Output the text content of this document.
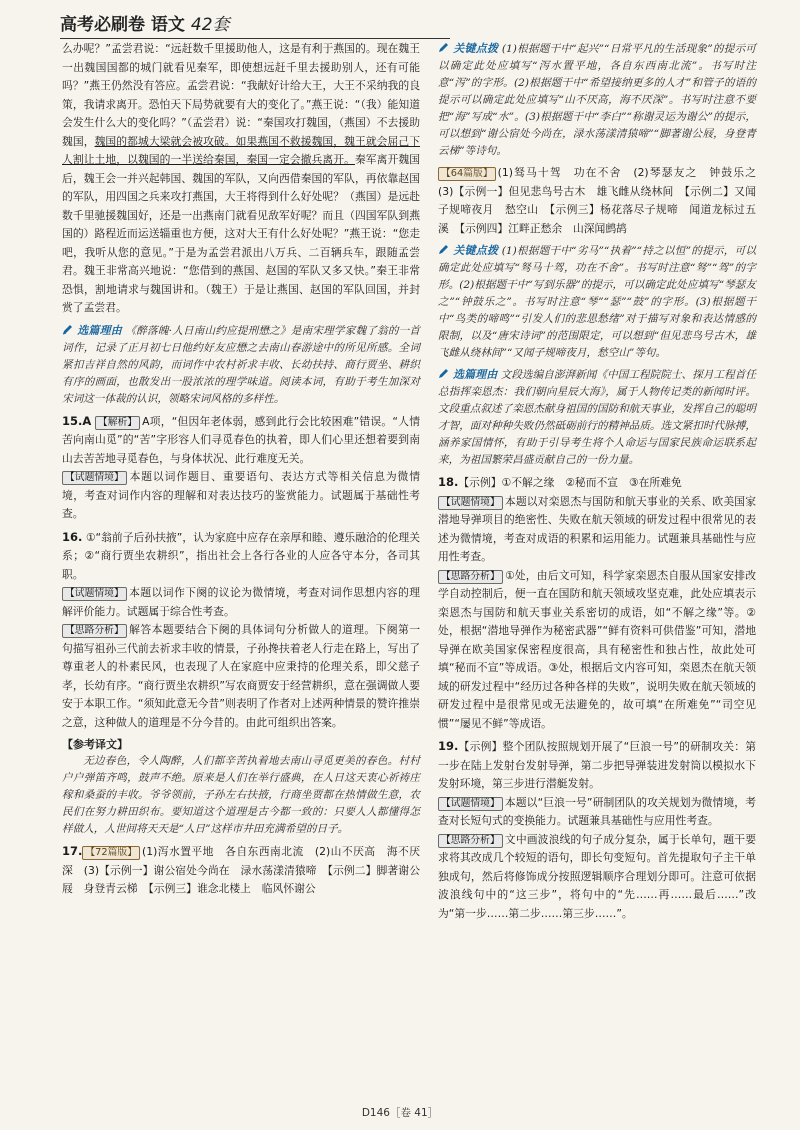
高考必刷卷 语文 42套

么办呢？”孟尝君说：“远赶数千里援助他人，这是有利于燕国的。现在魏王一出魏国国都的城门就看见秦军，即使想远赶千里去援助别人，还有可能吗？”燕王仍然没有答应。孟尝君说：“我献好计给大王，大王不采纳我的良策，我请求离开。恐怕天下局势就要有大的变化了。”燕王说：“（我）能知道会发生什么大的变化吗？”（孟尝君）说：“秦国攻打魏国，（燕国）不去援助魏国，魏国的都城大梁就会被攻破。如果燕国不救援魏国，魏王就会屈己下人割让土地，以魏国的一半送给秦国，秦国一定会撤兵离开。秦军离开魏国后，魏王会一并兴起韩国、魏国的军队，又向西借秦国的军队，再依靠赵国的军队，用四国之兵来攻打燕国，大王将得到什么好处呢？（燕国）是远赴数千里驰援魏国好，还是一出燕南门就看见敌军好呢？而且（四国军队到燕国的）路程近而运送辎重也方便，这对大王有什么好处呢？”燕王说：“您走吧，我听从您的意见。”于是为孟尝君派出八万兵、二百辆兵车，跟随孟尝君。魏王非常高兴地说：“您借到的燕国、赵国的军队又多又快。”秦王非常恐惧，割地请求与魏国讲和。（魏王）于是让燕国、赵国的军队回国，并封赏了孟尝君。

选篇理由 《醉落魄·人日南山约应提刑懋之》是南宋理学家魏了翁的一首词作，记录了正月初七日他约好友应懋之去南山春游途中的所见所感。全词紧扣吉祥自然的风韵，而词作中农村祈求丰收、长幼扶持、商行贾坐、耕织有序的画面，也散发出一股浓浓的理学味道。阅读本词，有助于考生加深对宋词这一体裁的认识，领略宋词风格的多样性。

15.A 【解析】 A项，“但因年老体弱，感到此行会比较困难”错误。“人情苦向南山觅”的“苦”字形容人们寻觅春色的执着，即人们心里还想着要到南山去苦苦地寻觅春色，与身体状况、此行难度无关。
【试题情境】 本题以词作题目、重要语句、表达方式等相关信息为微情境，考查对词作内容的理解和对表达技巧的鉴赏能力。试题属于基础性考查。

16. ①“翁前子后孙扶掖”，认为家庭中应存在亲厚和睦、遵乐融洽的伦理关系；②“商行贾坐农耕织”，指出社会上各行各业的人应各守本分，各司其职。
【试题情境】 本题以词作下阕的议论为微情境，考查对词作思想内容的理解评价能力。试题属于综合性考查。
【思路分析】 解答本题要结合下阕的具体词句分析做人的道理。下阕第一句描写祖孙三代前去祈求丰收的情景，子孙搀扶着老人行走在路上，写出了尊重老人的朴素民风，也表现了人在家庭中应秉持的伦理关系，即父慈子孝，长幼有序。“商行贾坐农耕织”写农商贾安于经营耕织，意在强调做人要安于本职工作。“须知此意无今昔”则表明了作者对上述两种情景的赞许推崇之意，这种做人的道理是不分今昔的。由此可组织出答案。

【参考译文】

无边春色，令人陶醉，人们都辛苦执着地去南山寻觅更美的春色。村村户户弹笛齐鸣，鼓声不绝。原来是人们在举行盛典，在人日这天衷心祈祷庄稼和桑蚕的丰收。爷爷领前，子孙左右扶掖，行商坐贾都在热情做生意，农民们在努力耕田织布。要知道这个道理是古今都一致的：只要人人都懂得怎样做人，人世间将天天是“人日”这样市井田充满希望的日子。

17. 【72篇版】 (1)泻水置平地　各自东西南北流　(2)山不厌高　海不厌深　(3)【示例一】谢公宿处今尚在　渌水荡漾清猿啼　【示例二】脚著谢公屐　身登青云梯　【示例三】谁念北楼上　临风怀谢公

关键点拨 (1)根据题干中“起兴”“日常平凡的生活现象”的提示可以确定此处应填写“泻水置平地，各自东西南北流”。书写时注意“泻”的字形。(2)根据题干中“希望接纳更多的人才”和管子的语的提示可以确定此处应填写“山不厌高，海不厌深”。书写时注意不要把“海”写成“水”。(3)根据题干中“李白”“称谢灵运为谢公”的提示，可以想到“谢公宿处今尚在，渌水荡漾清猿啼”“脚著谢公屐，身登青云梯”等诗句。

【64篇版】 (1)驽马十驾　功在不舍　(2)琴瑟友之　钟鼓乐之　(3)【示例一】但见悲鸟号古木　雄飞雌从绕林间　【示例二】又闻子规啼夜月　愁空山　【示例三】杨花落尽子规啼　闻道龙标过五溪　【示例四】江畔正愁余　山深闻鹧鸪

关键点拨 (1)根据题干中“劣马”“执着”“持之以恒”的提示，可以确定此处应填写“驽马十驾，功在不舍”。书写时注意“驽”“驾”的字形。(2)根据题干中“写到乐器”的提示，可以确定此处应填写“琴瑟友之”“钟鼓乐之”。书写时注意“琴”“瑟”“鼓”的字形。(3)根据题干中“鸟类的啼鸣”“引发人们的悲思愁绪”对于描写对象和表达情感的限制，以及“唐宋诗词”的范围限定，可以想到“但见悲鸟号古木，雄飞雌从绕林间”“又闻子规啼夜月，愁空山”等句。

选篇理由 文段选编自澎湃新闻《中国工程院院士、探月工程首任总指挥栾恩杰：我们朝向星辰大海》，属于人物传记类的新闻时评。文段重点叙述了栾恩杰献身祖国的国防和航天事业，发挥自己的聪明才智，面对种种失败仍然砥砺前行的精神品质。选文紧扣时代脉搏，涵养家国情怀，有助于引导考生将个人命运与国家民族命运联系起来，为祖国繁荣昌盛贡献自己的一份力量。

18.【示例】①不解之缘　②秘而不宣　③在所难免
【试题情境】 本题以对栾恩杰与国防和航天事业的关系、欧美国家潜地导弹项目的绝密性、失败在航天领域的研发过程中很常见的表述为微情境，考查对成语的积累和运用能力。试题兼具基础性与应用性考查。
【思路分析】 ①处，由后文可知，科学家栾恩杰自服从国家安排改学自动控制后，便一直在国防和航天领域攻坚克难，此处应填表示栾恩杰与国防和航天事业关系密切的成语，如“不解之缘”等。②处，根据“潜地导弹作为秘密武器”“鲜有资料可供借鉴”可知，潜地导弹在欧美国家保密程度很高，具有秘密性和独占性，故此处可填“秘而不宣”等成语。③处，根据后文内容可知，栾恩杰在航天领域的研发过程中“经历过各种各样的失败”，说明失败在航天领域的研发过程中是很常见或无法避免的，故可填“在所难免”“司空见惯”“屡见不鲜”等成语。

19.【示例】整个团队按照规划开展了“巨浪一号”的研制攻关：第一步在陆上发射台发射导弹，第二步把导弹装进发射筒以模拟水下发射环境，第三步进行潜艇发射。
【试题情境】 本题以“巨浪一号”研制团队的攻关规划为微情境，考查对长短句式的变换能力。试题兼具基础性与应用性考查。
【思路分析】 文中画波浪线的句子成分复杂，属于长单句，题干要求将其改成几个较短的语句，即长句变短句。首先提取句子主干单独成句，然后将修饰成分按照逻辑顺序合理划分即可。注意可依据波浪线句中的“这三步”，将句中的“先……再……最后……”改为“第一步……第二步……第三步……”。

D146［卷 41］
